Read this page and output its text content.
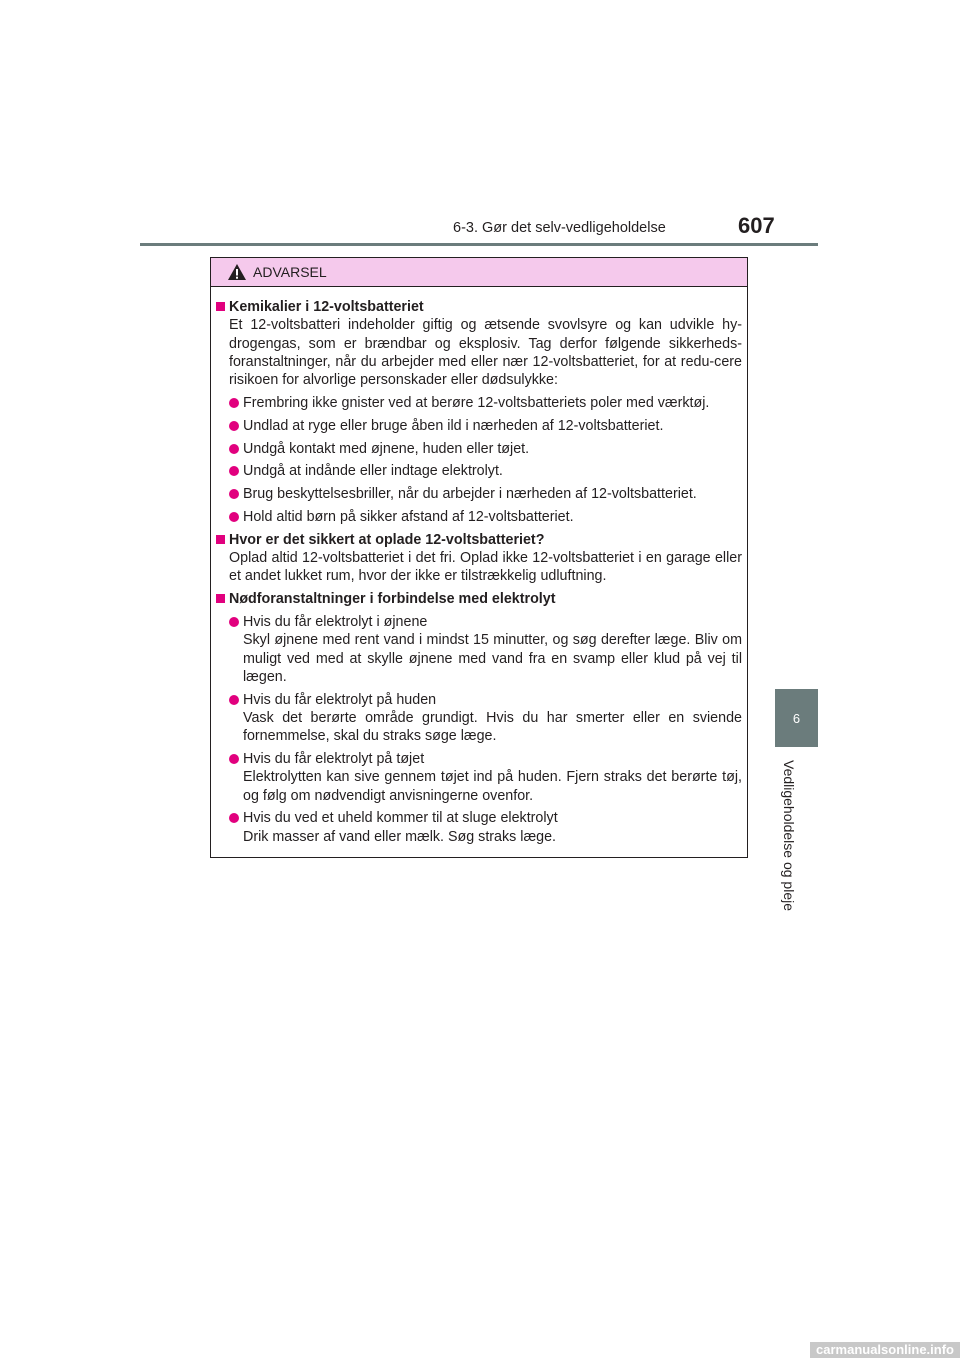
6-3. Gør det selv-vedligeholdelse	607
6
Vedligeholdelse og pleje
ADVARSEL
Kemikalier i 12-voltsbatteriet
Et 12-voltsbatteri indeholder giftig og ætsende svovlsyre og kan udvikle hy-drogengas, som er brændbar og eksplosiv. Tag derfor følgende sikkerheds-foranstaltninger, når du arbejder med eller nær 12-voltsbatteriet, for at redu-cere risikoen for alvorlige personskader eller dødsulykke:
Frembring ikke gnister ved at berøre 12-voltsbatteriets poler med værktøj.
Undlad at ryge eller bruge åben ild i nærheden af 12-voltsbatteriet.
Undgå kontakt med øjnene, huden eller tøjet.
Undgå at indånde eller indtage elektrolyt.
Brug beskyttelsesbriller, når du arbejder i nærheden af 12-voltsbatteriet.
Hold altid børn på sikker afstand af 12-voltsbatteriet.
Hvor er det sikkert at oplade 12-voltsbatteriet?
Oplad altid 12-voltsbatteriet i det fri. Oplad ikke 12-voltsbatteriet i en garage eller et andet lukket rum, hvor der ikke er tilstrækkelig udluftning.
Nødforanstaltninger i forbindelse med elektrolyt
Hvis du får elektrolyt i øjnene
Skyl øjnene med rent vand i mindst 15 minutter, og søg derefter læge. Bliv om muligt ved med at skylle øjnene med vand fra en svamp eller klud på vej til lægen.
Hvis du får elektrolyt på huden
Vask det berørte område grundigt. Hvis du har smerter eller en sviende fornemmelse, skal du straks søge læge.
Hvis du får elektrolyt på tøjet
Elektrolytten kan sive gennem tøjet ind på huden. Fjern straks det berørte tøj, og følg om nødvendigt anvisningerne ovenfor.
Hvis du ved et uheld kommer til at sluge elektrolyt
Drik masser af vand eller mælk. Søg straks læge.
carmanualsonline.info
